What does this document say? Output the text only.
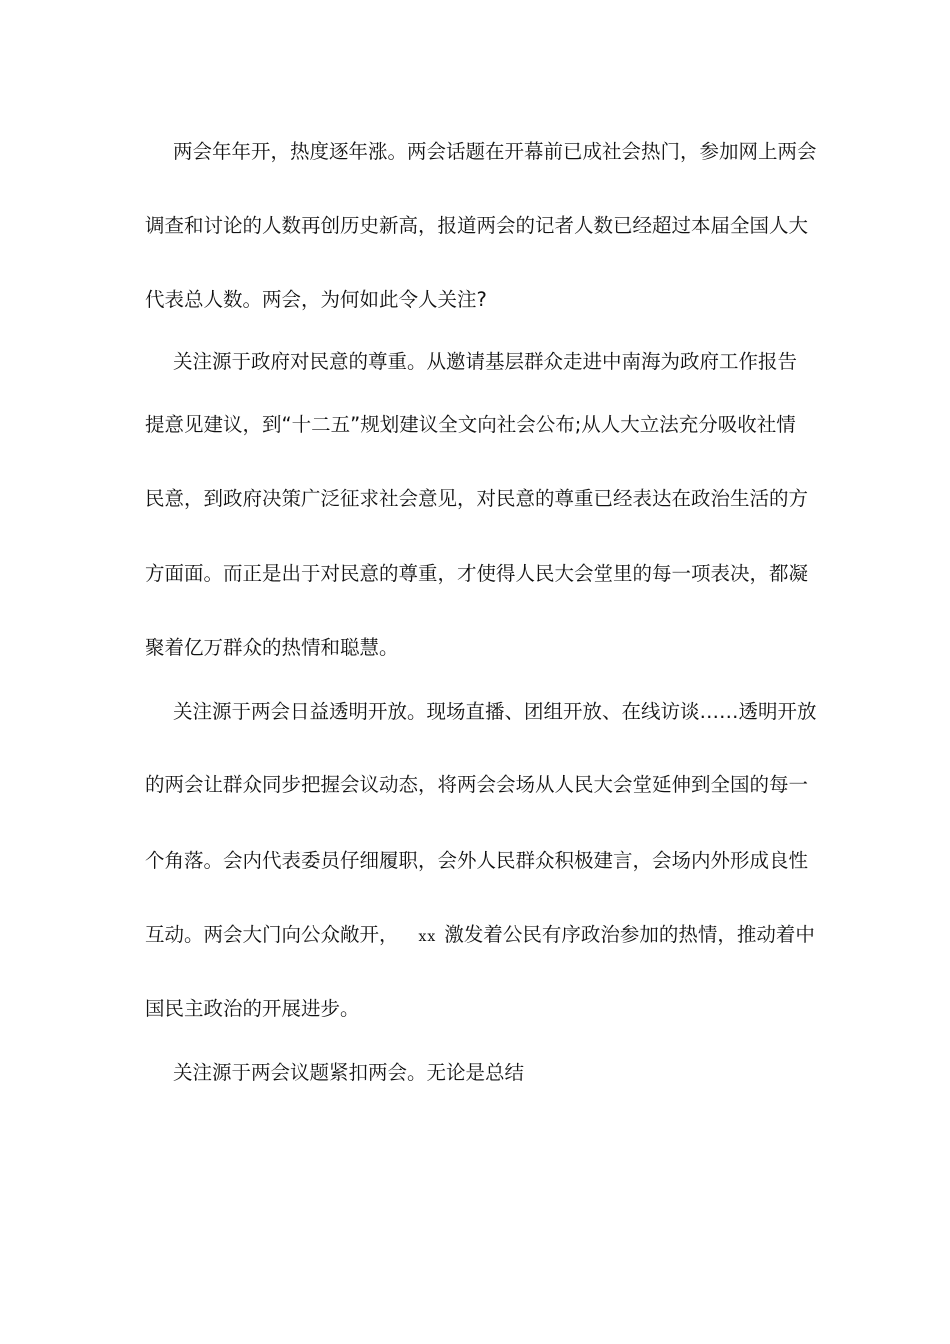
两会年年开，热度逐年涨。两会话题在开幕前已成社会热门，参加网上两会
调查和讨论的人数再创历史新高，报道两会的记者人数已经超过本届全国人大
代表总人数。两会，为何如此令人关注?
关注源于政府对民意的尊重。从邀请基层群众走进中南海为政府工作报告
提意见建议，到“十二五”规划建议全文向社会公布;从人大立法充分吸收社情
民意，到政府决策广泛征求社会意见，对民意的尊重已经表达在政治生活的方
方面面。而正是出于对民意的尊重，才使得人民大会堂里的每一项表决，都凝
聚着亿万群众的热情和聪慧。
关注源于两会日益透明开放。现场直播、团组开放、在线访谈……透明开放
的两会让群众同步把握会议动态，将两会会场从人民大会堂延伸到全国的每一
个角落。会内代表委员仔细履职，会外人民群众积极建言，会场内外形成良性
互动。两会大门向公众敞开， xx 激发着公民有序政治参加的热情，推动着中
国民主政治的开展进步。
关注源于两会议题紧扣两会。无论是总结
